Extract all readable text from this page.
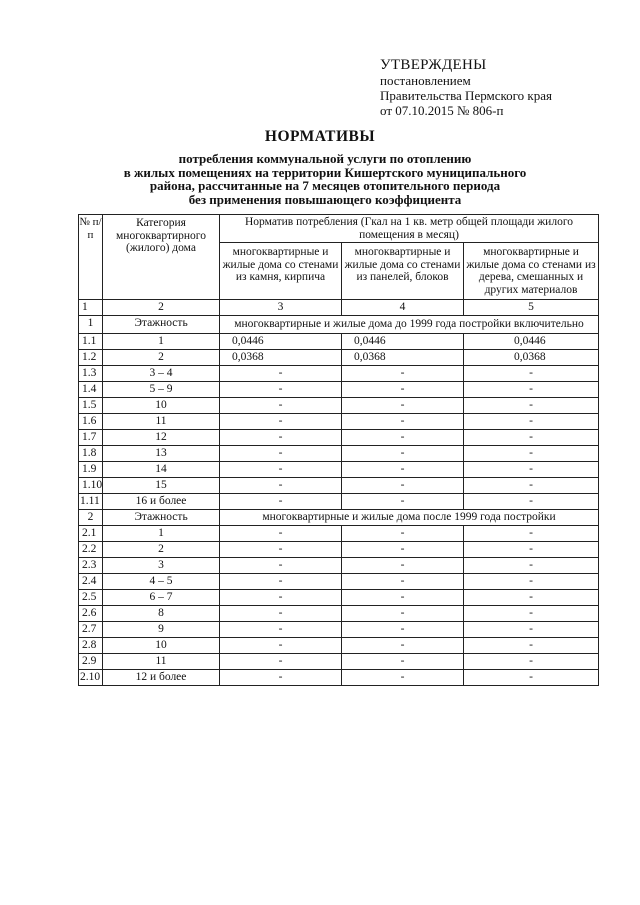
УТВЕРЖДЕНЫ
постановлением
Правительства Пермского края
от 07.10.2015 № 806-п
НОРМАТИВЫ
потребления коммунальной услуги по отоплению
в жилых помещениях на территории Кишертского муниципального
района, рассчитанные на 7 месяцев отопительного периода
без применения повышающего коэффициента
№ п/п	Категория многоквартирного (жилого) дома	Норматив потребления (Гкал на 1 кв. метр общей площади жилого помещения в месяц)		
		многоквартирные и жилые дома со стенами из камня, кирпича	многоквартирные и жилые дома со стенами из панелей, блоков	многоквартирные и жилые дома со стенами из дерева, смешанных и других материалов
1	2	3	4	5
1	Этажность	многоквартирные и жилые дома до 1999 года постройки включительно		
1.1	1	0,0446	0,0446	0,0446
1.2	2	0,0368	0,0368	0,0368
1.3	3 – 4	-	-	-
1.4	5 – 9	-	-	-
1.5	10	-	-	-
1.6	11	-	-	-
1.7	12	-	-	-
1.8	13	-	-	-
1.9	14	-	-	-
1.10	15	-	-	-
1.11	16 и более	-	-	-
2	Этажность	многоквартирные и жилые дома после 1999 года постройки		
2.1	1	-	-	-
2.2	2	-	-	-
2.3	3	-	-	-
2.4	4 – 5	-	-	-
2.5	6 – 7	-	-	-
2.6	8	-	-	-
2.7	9	-	-	-
2.8	10	-	-	-
2.9	11	-	-	-
2.10	12 и более	-	-	-
